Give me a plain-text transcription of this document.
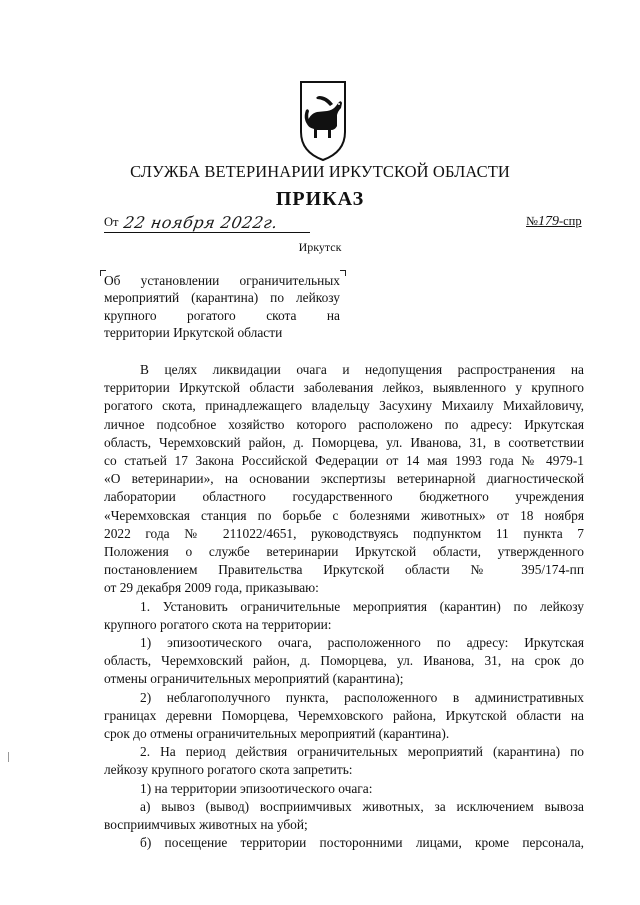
СЛУЖБА ВЕТЕРИНАРИИ ИРКУТСКОЙ ОБЛАСТИ
ПРИКАЗ
От 22 ноября 2022г.	№179-спр
Иркутск
Об установлении ограничительных
мероприятий (карантина) по лейкозу
крупного рогатого скота на
территории Иркутской области
В целях ликвидации очага и недопущения распространения на
территории Иркутской области заболевания лейкоз, выявленного у крупного
рогатого скота, принадлежащего владельцу Засухину Михаилу Михайловичу,
личное подсобное хозяйство которого расположено по адресу: Иркутская
область, Черемховский район, д. Поморцева, ул. Иванова, 31, в соответствии
со статьей 17 Закона Российской Федерации от 14 мая 1993 года № 4979-1
«О ветеринарии», на основании экспертизы ветеринарной диагностической
лаборатории областного государственного бюджетного учреждения
«Черемховская станция по борьбе с болезнями животных» от 18 ноября
2022 года № 211022/4651, руководствуясь подпунктом 11 пункта 7
Положения о службе ветеринарии Иркутской области, утвержденного
постановлением Правительства Иркутской области № 395/174-пп
от 29 декабря 2009 года, приказываю:
1. Установить ограничительные мероприятия (карантин) по лейкозу
крупного рогатого скота на территории:
1) эпизоотического очага, расположенного по адресу: Иркутская
область, Черемховский район, д. Поморцева, ул. Иванова, 31, на срок до
отмены ограничительных мероприятий (карантина);
2) неблагополучного пункта, расположенного в административных
границах деревни Поморцева, Черемховского района, Иркутской области на
срок до отмены ограничительных мероприятий (карантина).
2. На период действия ограничительных мероприятий (карантина) по
лейкозу крупного рогатого скота запретить:
1) на территории эпизоотического очага:
а) вывоз (вывод) восприимчивых животных, за исключением вывоза
восприимчивых животных на убой;
б) посещение территории посторонними лицами, кроме персонала,
